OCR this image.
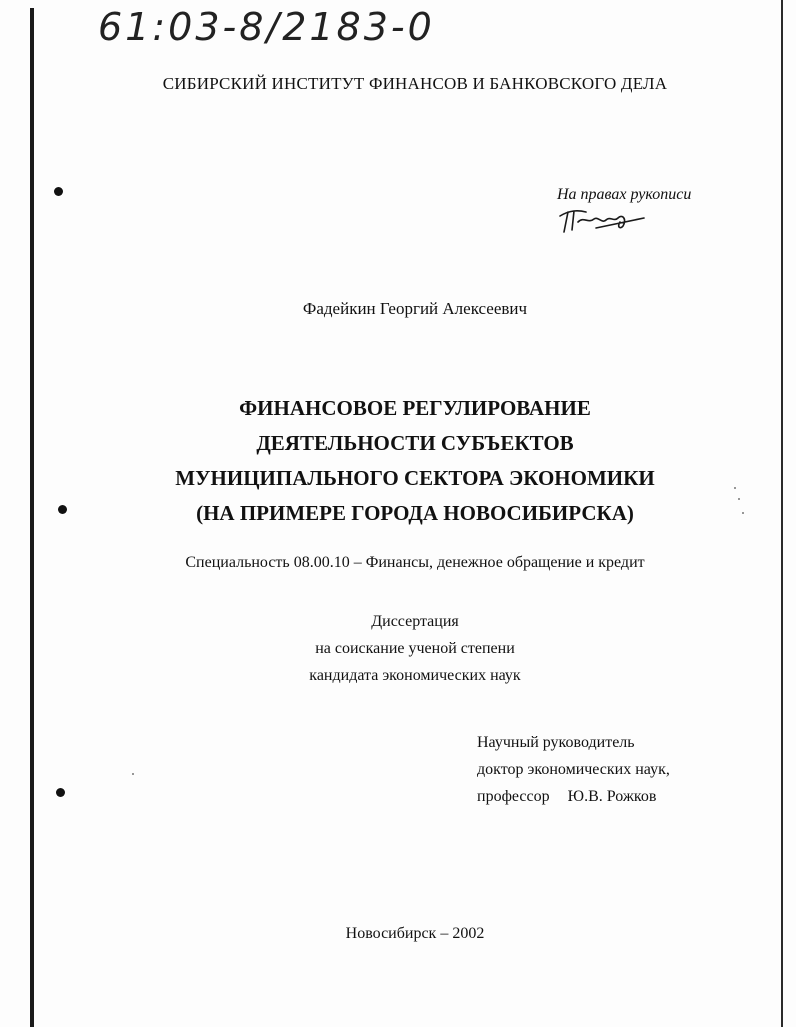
61:03-8/2183-0
СИБИРСКИЙ ИНСТИТУТ ФИНАНСОВ И БАНКОВСКОГО ДЕЛА
На правах рукописи
Фадейкин Георгий Алексеевич
ФИНАНСОВОЕ РЕГУЛИРОВАНИЕ
ДЕЯТЕЛЬНОСТИ СУБЪЕКТОВ
МУНИЦИПАЛЬНОГО СЕКТОРА ЭКОНОМИКИ
(НА ПРИМЕРЕ ГОРОДА НОВОСИБИРСКА)
Специальность 08.00.10 – Финансы, денежное обращение и кредит
Диссертация
на соискание ученой степени
кандидата экономических наук
Научный руководитель
доктор экономических наук,
профессор Ю.В. Рожков
Новосибирск – 2002
